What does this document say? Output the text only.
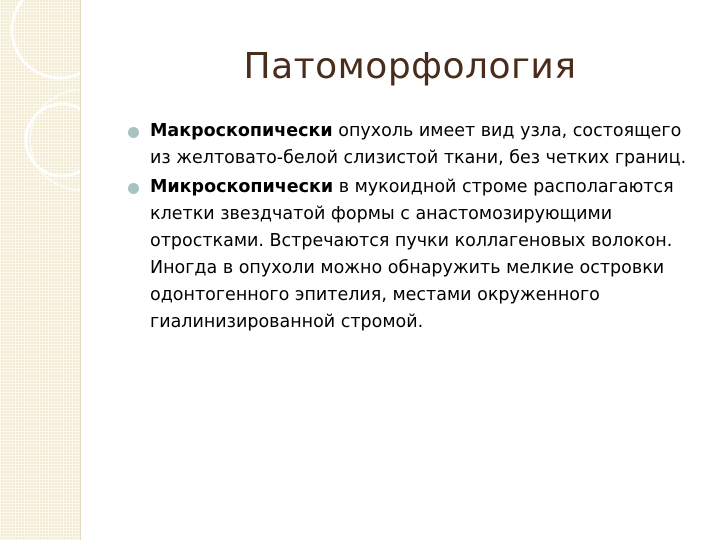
Патоморфология
Макроскопически опухоль имеет вид узла, состоящего из желтовато-белой слизистой ткани, без четких границ.
Микроскопически в мукоидной строме располагаются клетки звездчатой формы с анастомозирующими отростками. Встречаются пучки коллагеновых волокон. Иногда в опухоли можно обнаружить мелкие островки одонтогенного эпителия, местами окруженного гиалинизированной стромой.
